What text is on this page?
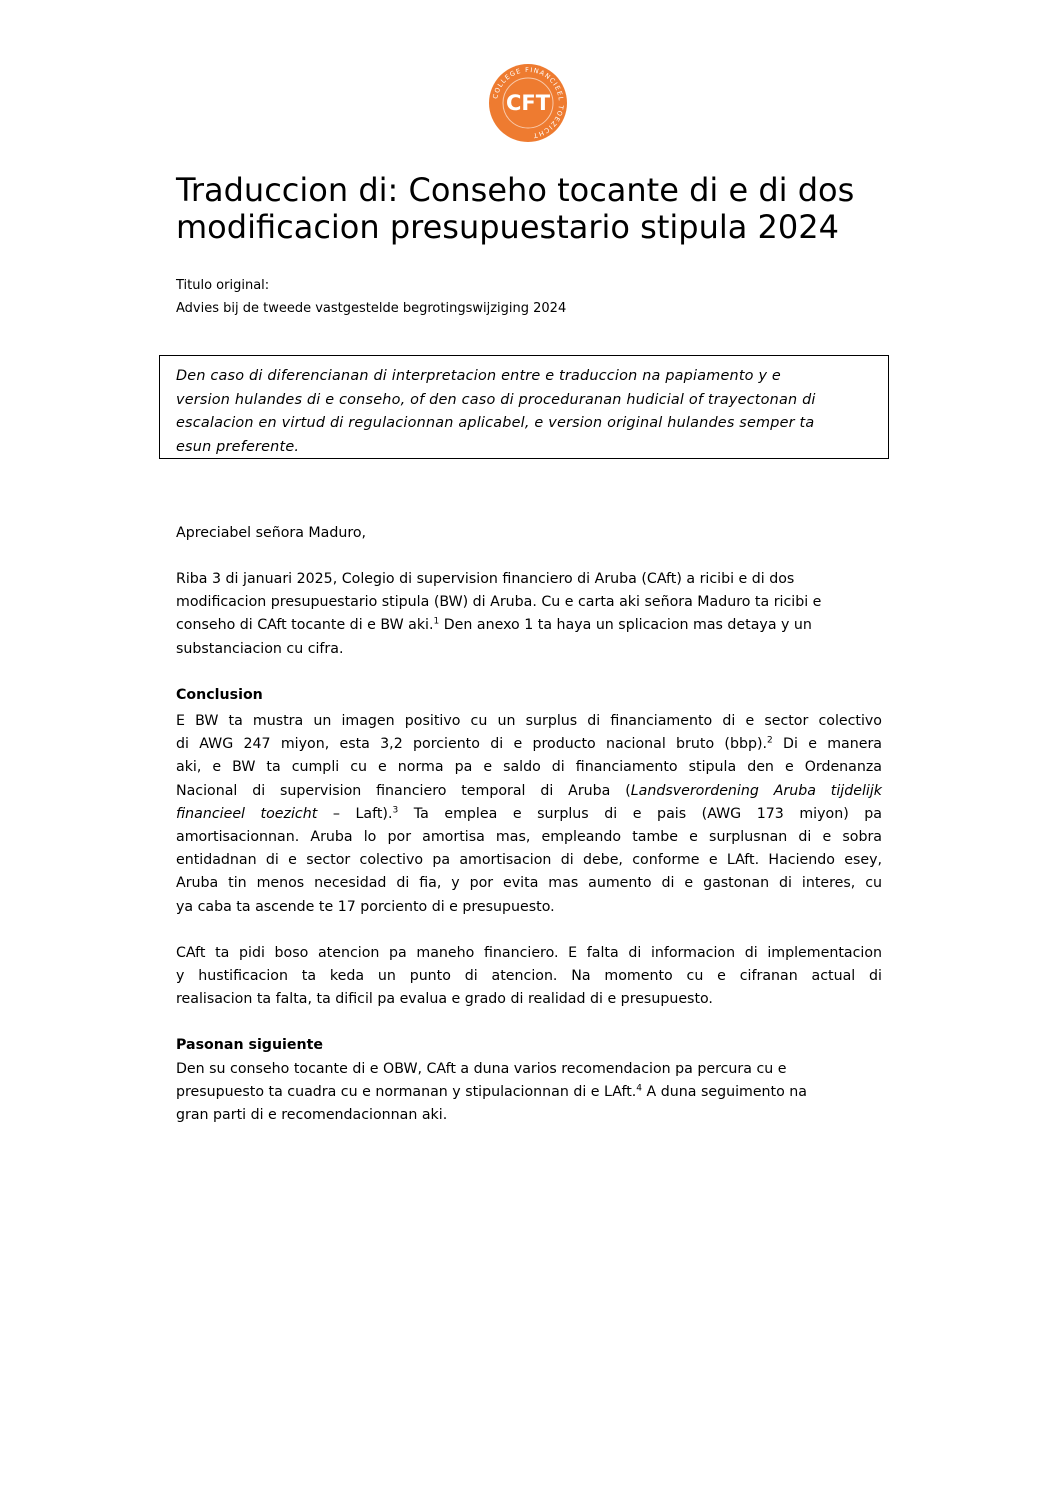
COLLEGE FINANCIEEL TOEZICHT
CFT
Traduccion di: Conseho tocante di e di dos
modificacion presupuestario stipula 2024
Titulo original:
Advies bij de tweede vastgestelde begrotingswijziging 2024
Den caso di diferencianan di interpretacion entre e traduccion na papiamento y e
version hulandes di e conseho, of den caso di proceduranan hudicial of trayectonan di
escalacion en virtud di regulacionnan aplicabel, e version original hulandes semper ta
esun preferente.

Apreciabel señora Maduro,

Riba 3 di januari 2025, Colegio di supervision financiero di Aruba (CAft) a ricibi e di dos
modificacion presupuestario stipula (BW) di Aruba. Cu e carta aki señora Maduro ta ricibi e
conseho di CAft tocante di e BW aki.$^1$ Den anexo 1 ta haya un splicacion mas detaya y un
substanciacion cu cifra.
Conclusion
E BW ta mustra un imagen positivo cu un surplus di financiamento di e sector colectivo
di AWG 247 miyon, esta 3,2 porciento di e producto nacional bruto (bbp).$^2$ Di e manera
aki, e BW ta cumpli cu e norma pa e saldo di financiamento stipula den e Ordenanza
Nacional di supervision financiero temporal di Aruba (Landsverordening Aruba tijdelijk
financieel toezicht – Laft).$^3$ Ta emplea e surplus di e pais (AWG 173 miyon) pa
amortisacionnan. Aruba lo por amortisa mas, empleando tambe e surplusnan di e sobra
entidadnan di e sector colectivo pa amortisacion di debe, conforme e LAft. Haciendo esey,
Aruba tin menos necesidad di fia, y por evita mas aumento di e gastonan di interes, cu
ya caba ta ascende te 17 porciento di e presupuesto.
CAft ta pidi boso atencion pa maneho financiero. E falta di informacion di implementacion
y hustificacion ta keda un punto di atencion. Na momento cu e cifranan actual di
realisacion ta falta, ta dificil pa evalua e grado di realidad di e presupuesto.
Pasonan siguiente
Den su conseho tocante di e OBW, CAft a duna varios recomendacion pa percura cu e
presupuesto ta cuadra cu e normanan y stipulacionnan di e LAft.$^4$ A duna seguimento na
gran parti di e recomendacionnan aki.
